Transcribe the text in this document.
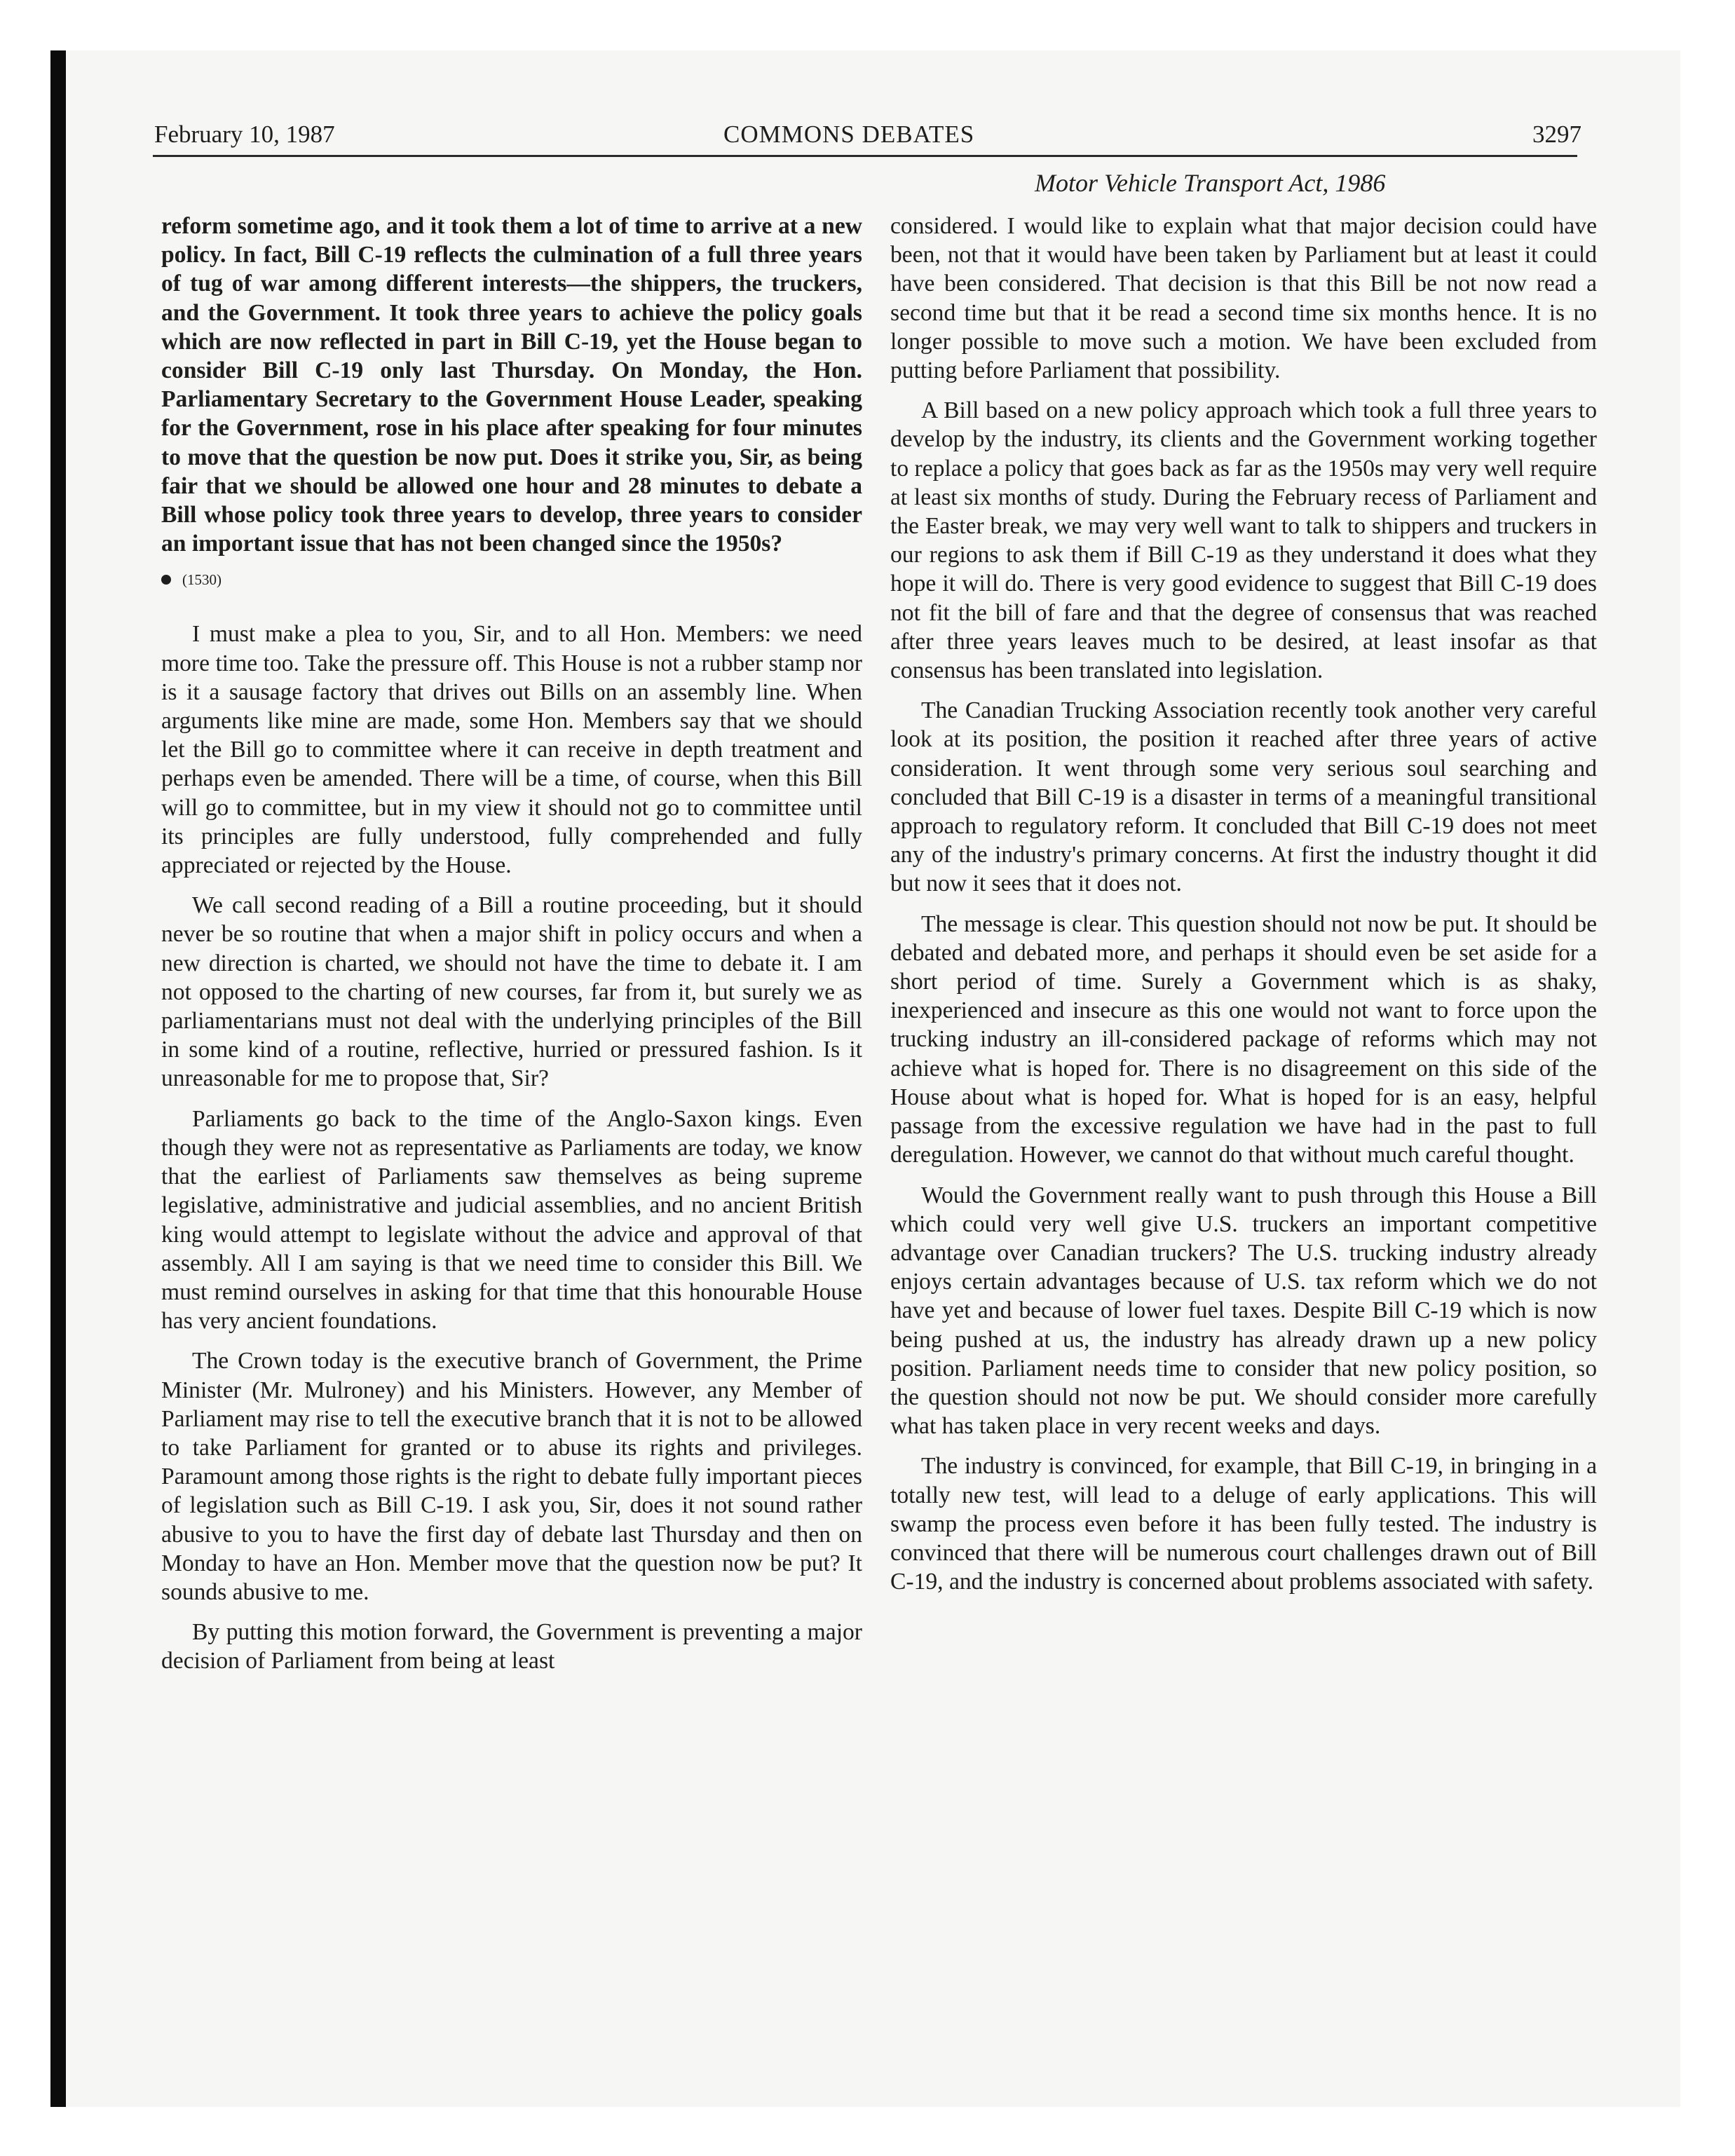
February 10, 1987	COMMONS DEBATES	3297
Motor Vehicle Transport Act, 1986

reform sometime ago, and it took them a lot of time to arrive at a new policy. In fact, Bill C-19 reflects the culmination of a full three years of tug of war among different interests—the shippers, the truckers, and the Government. It took three years to achieve the policy goals which are now reflected in part in Bill C-19, yet the House began to consider Bill C-19 only last Thursday. On Monday, the Hon. Parliamentary Secretary to the Government House Leader, speaking for the Government, rose in his place after speaking for four minutes to move that the question be now put. Does it strike you, Sir, as being fair that we should be allowed one hour and 28 minutes to debate a Bill whose policy took three years to develop, three years to consider an important issue that has not been changed since the 1950s?

(1530)

I must make a plea to you, Sir, and to all Hon. Members: we need more time too. Take the pressure off. This House is not a rubber stamp nor is it a sausage factory that drives out Bills on an assembly line. When arguments like mine are made, some Hon. Members say that we should let the Bill go to committee where it can receive in depth treatment and perhaps even be amended. There will be a time, of course, when this Bill will go to committee, but in my view it should not go to committee until its principles are fully understood, fully comprehended and fully appreciated or rejected by the House.

We call second reading of a Bill a routine proceeding, but it should never be so routine that when a major shift in policy occurs and when a new direction is charted, we should not have the time to debate it. I am not opposed to the charting of new courses, far from it, but surely we as parliamentarians must not deal with the underlying principles of the Bill in some kind of a routine, reflective, hurried or pressured fashion. Is it unreasonable for me to propose that, Sir?

Parliaments go back to the time of the Anglo-Saxon kings. Even though they were not as representative as Parliaments are today, we know that the earliest of Parliaments saw themselves as being supreme legislative, administrative and judicial assemblies, and no ancient British king would attempt to legislate without the advice and approval of that assembly. All I am saying is that we need time to consider this Bill. We must remind ourselves in asking for that time that this honourable House has very ancient foundations.

The Crown today is the executive branch of Government, the Prime Minister (Mr. Mulroney) and his Ministers. However, any Member of Parliament may rise to tell the executive branch that it is not to be allowed to take Parliament for granted or to abuse its rights and privileges. Paramount among those rights is the right to debate fully important pieces of legislation such as Bill C-19. I ask you, Sir, does it not sound rather abusive to you to have the first day of debate last Thursday and then on Monday to have an Hon. Member move that the question now be put? It sounds abusive to me.

By putting this motion forward, the Government is preventing a major decision of Parliament from being at least

considered. I would like to explain what that major decision could have been, not that it would have been taken by Parliament but at least it could have been considered. That decision is that this Bill be not now read a second time but that it be read a second time six months hence. It is no longer possible to move such a motion. We have been excluded from putting before Parliament that possibility.

A Bill based on a new policy approach which took a full three years to develop by the industry, its clients and the Government working together to replace a policy that goes back as far as the 1950s may very well require at least six months of study. During the February recess of Parliament and the Easter break, we may very well want to talk to shippers and truckers in our regions to ask them if Bill C-19 as they understand it does what they hope it will do. There is very good evidence to suggest that Bill C-19 does not fit the bill of fare and that the degree of consensus that was reached after three years leaves much to be desired, at least insofar as that consensus has been translated into legislation.

The Canadian Trucking Association recently took another very careful look at its position, the position it reached after three years of active consideration. It went through some very serious soul searching and concluded that Bill C-19 is a disaster in terms of a meaningful transitional approach to regulatory reform. It concluded that Bill C-19 does not meet any of the industry's primary concerns. At first the industry thought it did but now it sees that it does not.

The message is clear. This question should not now be put. It should be debated and debated more, and perhaps it should even be set aside for a short period of time. Surely a Government which is as shaky, inexperienced and insecure as this one would not want to force upon the trucking industry an ill-considered package of reforms which may not achieve what is hoped for. There is no disagreement on this side of the House about what is hoped for. What is hoped for is an easy, helpful passage from the excessive regulation we have had in the past to full deregulation. However, we cannot do that without much careful thought.

Would the Government really want to push through this House a Bill which could very well give U.S. truckers an important competitive advantage over Canadian truckers? The U.S. trucking industry already enjoys certain advantages because of U.S. tax reform which we do not have yet and because of lower fuel taxes. Despite Bill C-19 which is now being pushed at us, the industry has already drawn up a new policy position. Parliament needs time to consider that new policy position, so the question should not now be put. We should consider more carefully what has taken place in very recent weeks and days.

The industry is convinced, for example, that Bill C-19, in bringing in a totally new test, will lead to a deluge of early applications. This will swamp the process even before it has been fully tested. The industry is convinced that there will be numerous court challenges drawn out of Bill C-19, and the industry is concerned about problems associated with safety.
